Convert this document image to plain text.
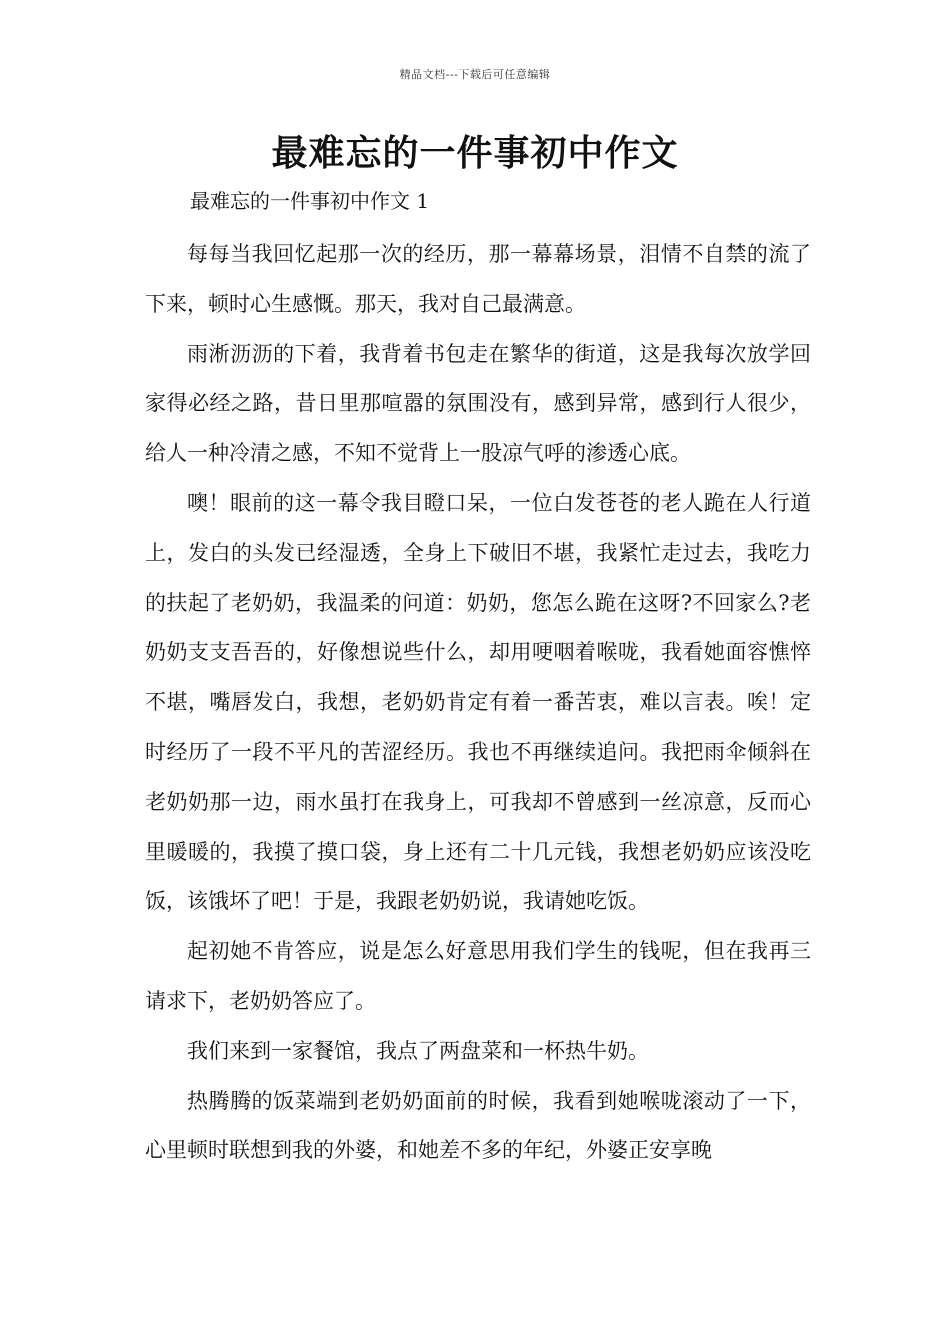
精品文档---下载后可任意编辑
最难忘的一件事初中作文
最难忘的一件事初中作文 1

每每当我回忆起那一次的经历，那一幕幕场景，泪情不自禁的流了下来，顿时心生感慨。那天，我对自己最满意。

雨淅沥沥的下着，我背着书包走在繁华的街道，这是我每次放学回家得必经之路，昔日里那喧嚣的氛围没有，感到异常，感到行人很少，给人一种冷清之感，不知不觉背上一股凉气呼的渗透心底。

噢！眼前的这一幕令我目瞪口呆，一位白发苍苍的老人跪在人行道上，发白的头发已经湿透，全身上下破旧不堪，我紧忙走过去，我吃力的扶起了老奶奶，我温柔的问道：奶奶，您怎么跪在这呀?不回家么?老奶奶支支吾吾的，好像想说些什么，却用哽咽着喉咙，我看她面容憔悴不堪，嘴唇发白，我想，老奶奶肯定有着一番苦衷，难以言表。唉！定时经历了一段不平凡的苦涩经历。我也不再继续追问。我把雨伞倾斜在老奶奶那一边，雨水虽打在我身上，可我却不曾感到一丝凉意，反而心里暖暖的，我摸了摸口袋，身上还有二十几元钱，我想老奶奶应该没吃饭，该饿坏了吧！于是，我跟老奶奶说，我请她吃饭。

起初她不肯答应，说是怎么好意思用我们学生的钱呢，但在我再三请求下，老奶奶答应了。

我们来到一家餐馆，我点了两盘菜和一杯热牛奶。

热腾腾的饭菜端到老奶奶面前的时候，我看到她喉咙滚动了一下，心里顿时联想到我的外婆，和她差不多的年纪，外婆正安享晚
